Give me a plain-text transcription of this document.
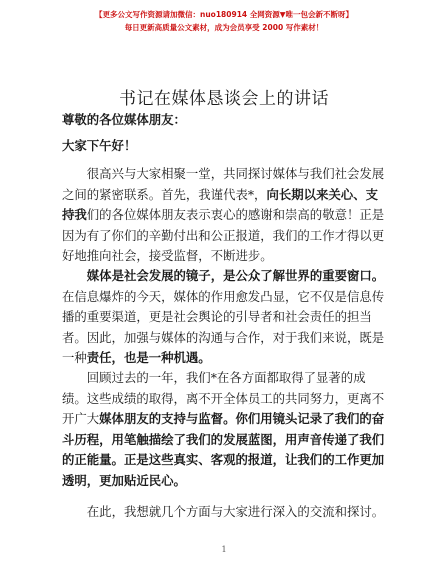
【更多公文写作资源请加微信：nuo180914 全网资源▼唯一包会新不断呀】
每日更新高质量公文素材，成为会员享受 2000 写作素材！
书记在媒体恳谈会上的讲话

尊敬的各位媒体朋友：

大家下午好！

很高兴与大家相聚一堂，共同探讨媒体与我们社会发展之间的紧密联系。首先，我谨代表*，向长期以来关心、支持我们的各位媒体朋友表示衷心的感谢和崇高的敬意！正是因为有了你们的辛勤付出和公正报道，我们的工作才得以更好地推向社会，接受监督，不断进步。

媒体是社会发展的镜子，是公众了解世界的重要窗口。在信息爆炸的今天，媒体的作用愈发凸显，它不仅是信息传播的重要渠道，更是社会舆论的引导者和社会责任的担当者。因此，加强与媒体的沟通与合作，对于我们来说，既是一种责任，也是一种机遇。

回顾过去的一年，我们*在各方面都取得了显著的成绩。这些成绩的取得，离不开全体员工的共同努力，更离不开广大媒体朋友的支持与监督。你们用镜头记录了我们的奋斗历程，用笔触描绘了我们的发展蓝图，用声音传递了我们的正能量。正是这些真实、客观的报道，让我们的工作更加透明，更加贴近民心。

在此，我想就几个方面与大家进行深入的交流和探讨。

1
